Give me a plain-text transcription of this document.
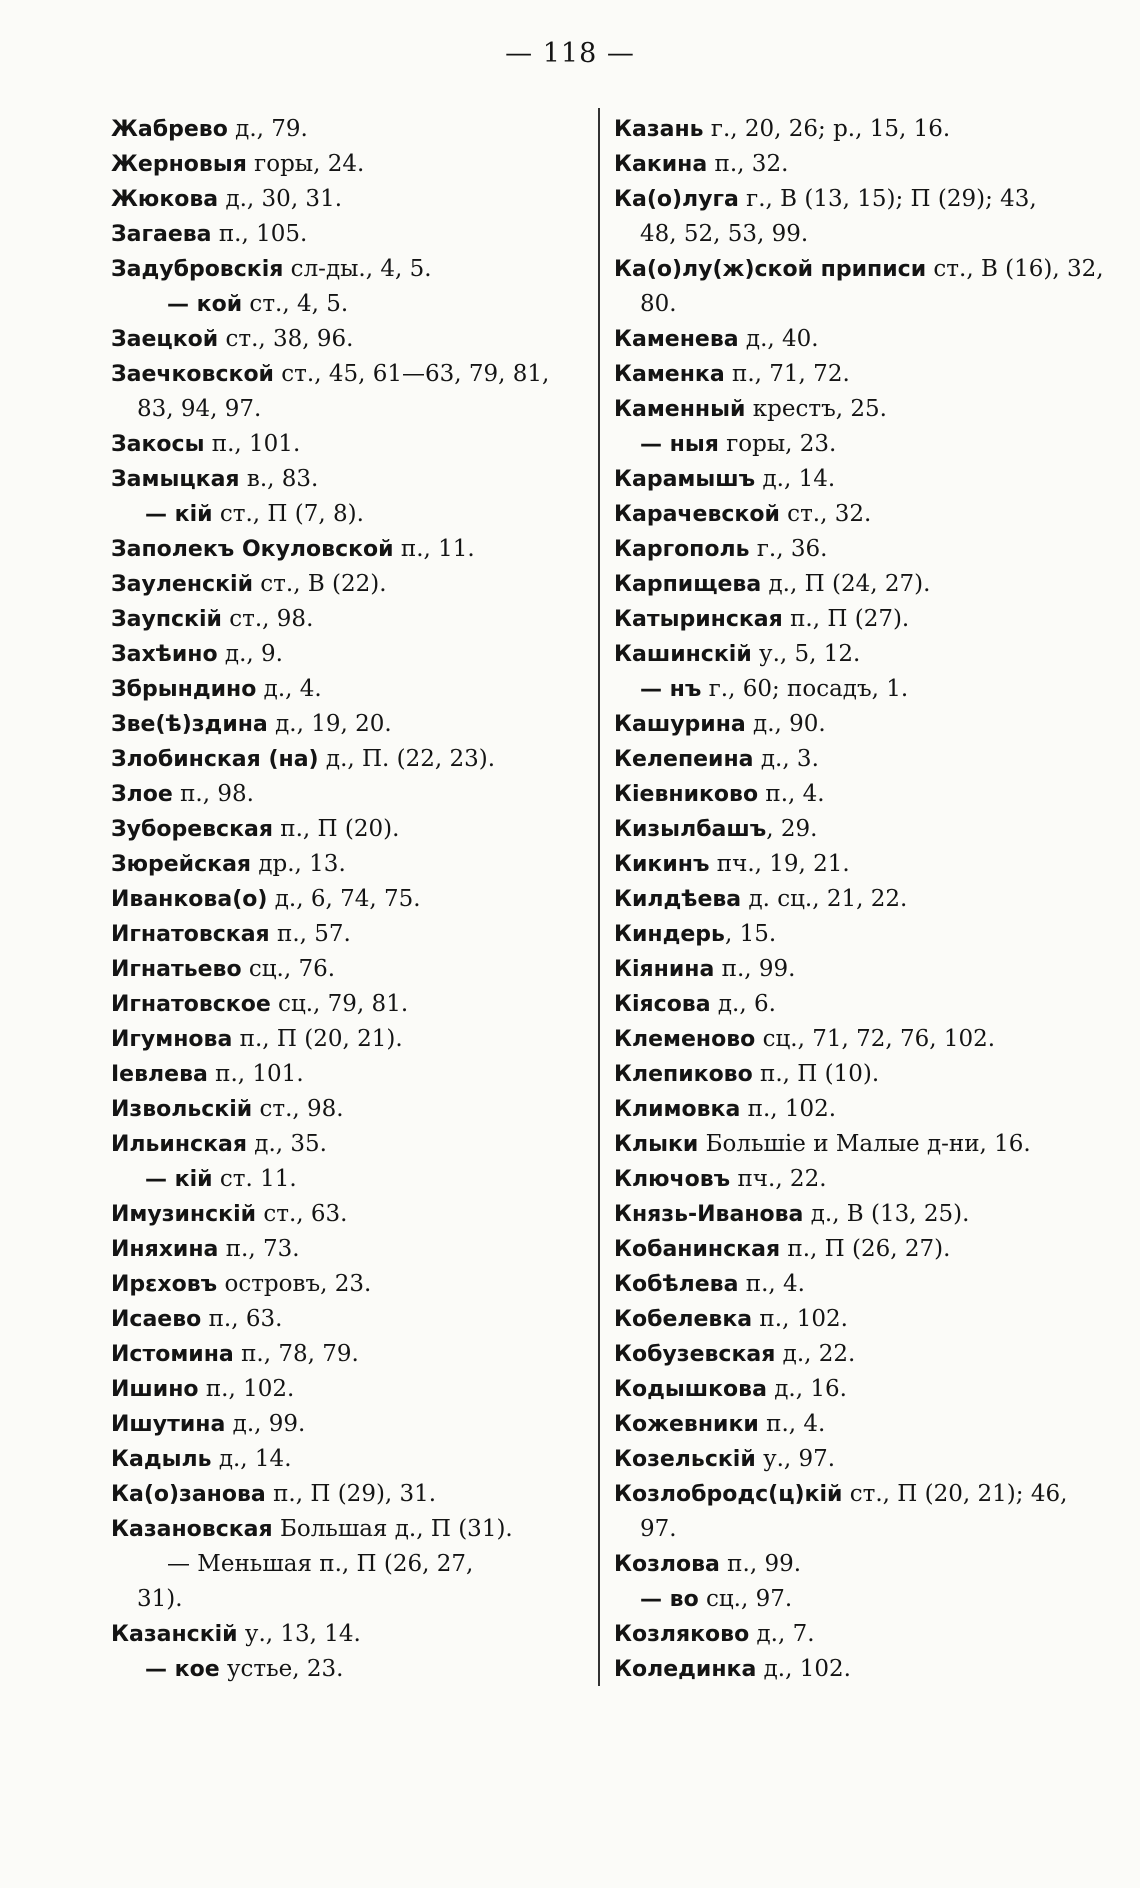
— 118 —
Жабрево д., 79.
Жерновыя горы, 24.
Жюкова д., 30, 31.
Загаева п., 105.
Задубровскія сл-ды., 4, 5.
— кой ст., 4, 5.
Заецкой ст., 38, 96.
Заечковской ст., 45, 61—63, 79, 81,
83, 94, 97.
Закосы п., 101.
Замыцкая в., 83.
— кій ст., П (7, 8).
Заполекъ Окуловской п., 11.
Зауленскій ст., В (22).
Заупскій ст., 98.
Захѣино д., 9.
Збрындино д., 4.
Зве(ѣ)здина д., 19, 20.
Злобинская (на) д., П. (22, 23).
Злое п., 98.
Зуборевская п., П (20).
Зюрейская др., 13.
Иванкова(о) д., 6, 74, 75.
Игнатовская п., 57.
Игнатьево сц., 76.
Игнатовское сц., 79, 81.
Игумнова п., П (20, 21).
Іевлева п., 101.
Извольскій ст., 98.
Ильинская д., 35.
— кій ст. 11.
Имузинскій ст., 63.
Иняхина п., 73.
Ирεховъ островъ, 23.
Исаево п., 63.
Истомина п., 78, 79.
Ишино п., 102.
Ишутина д., 99.
Кадыль д., 14.
Ка(о)занова п., П (29), 31.
Казановская Большая д., П (31).
— Меньшая п., П (26, 27,
31).
Казанскій у., 13, 14.
— кое устье, 23.
Казань г., 20, 26; р., 15, 16.
Какина п., 32.
Ка(о)луга г., В (13, 15); П (29); 43,
48, 52, 53, 99.
Ка(о)лу(ж)ской приписи ст., В (16), 32,
80.
Каменева д., 40.
Каменка п., 71, 72.
Каменный крестъ, 25.
— ныя горы, 23.
Карамышъ д., 14.
Карачевской ст., 32.
Каргополь г., 36.
Карпищева д., П (24, 27).
Катыринская п., П (27).
Кашинскій у., 5, 12.
— нъ г., 60; посадъ, 1.
Кашурина д., 90.
Келепеина д., 3.
Кіевниково п., 4.
Кизылбашъ, 29.
Кикинъ пч., 19, 21.
Килдѣева д. сц., 21, 22.
Киндерь, 15.
Кіянина п., 99.
Кіясова д., 6.
Клеменово сц., 71, 72, 76, 102.
Клепиково п., П (10).
Климовка п., 102.
Клыки Большіе и Малые д-ни, 16.
Ключовъ пч., 22.
Князь-Иванова д., В (13, 25).
Кобанинская п., П (26, 27).
Кобѣлева п., 4.
Кобелевка п., 102.
Кобузевская д., 22.
Кодышкова д., 16.
Кожевники п., 4.
Козельскій у., 97.
Козлобродс(ц)кій ст., П (20, 21); 46,
97.
Козлова п., 99.
— во сц., 97.
Козляково д., 7.
Колединка д., 102.
